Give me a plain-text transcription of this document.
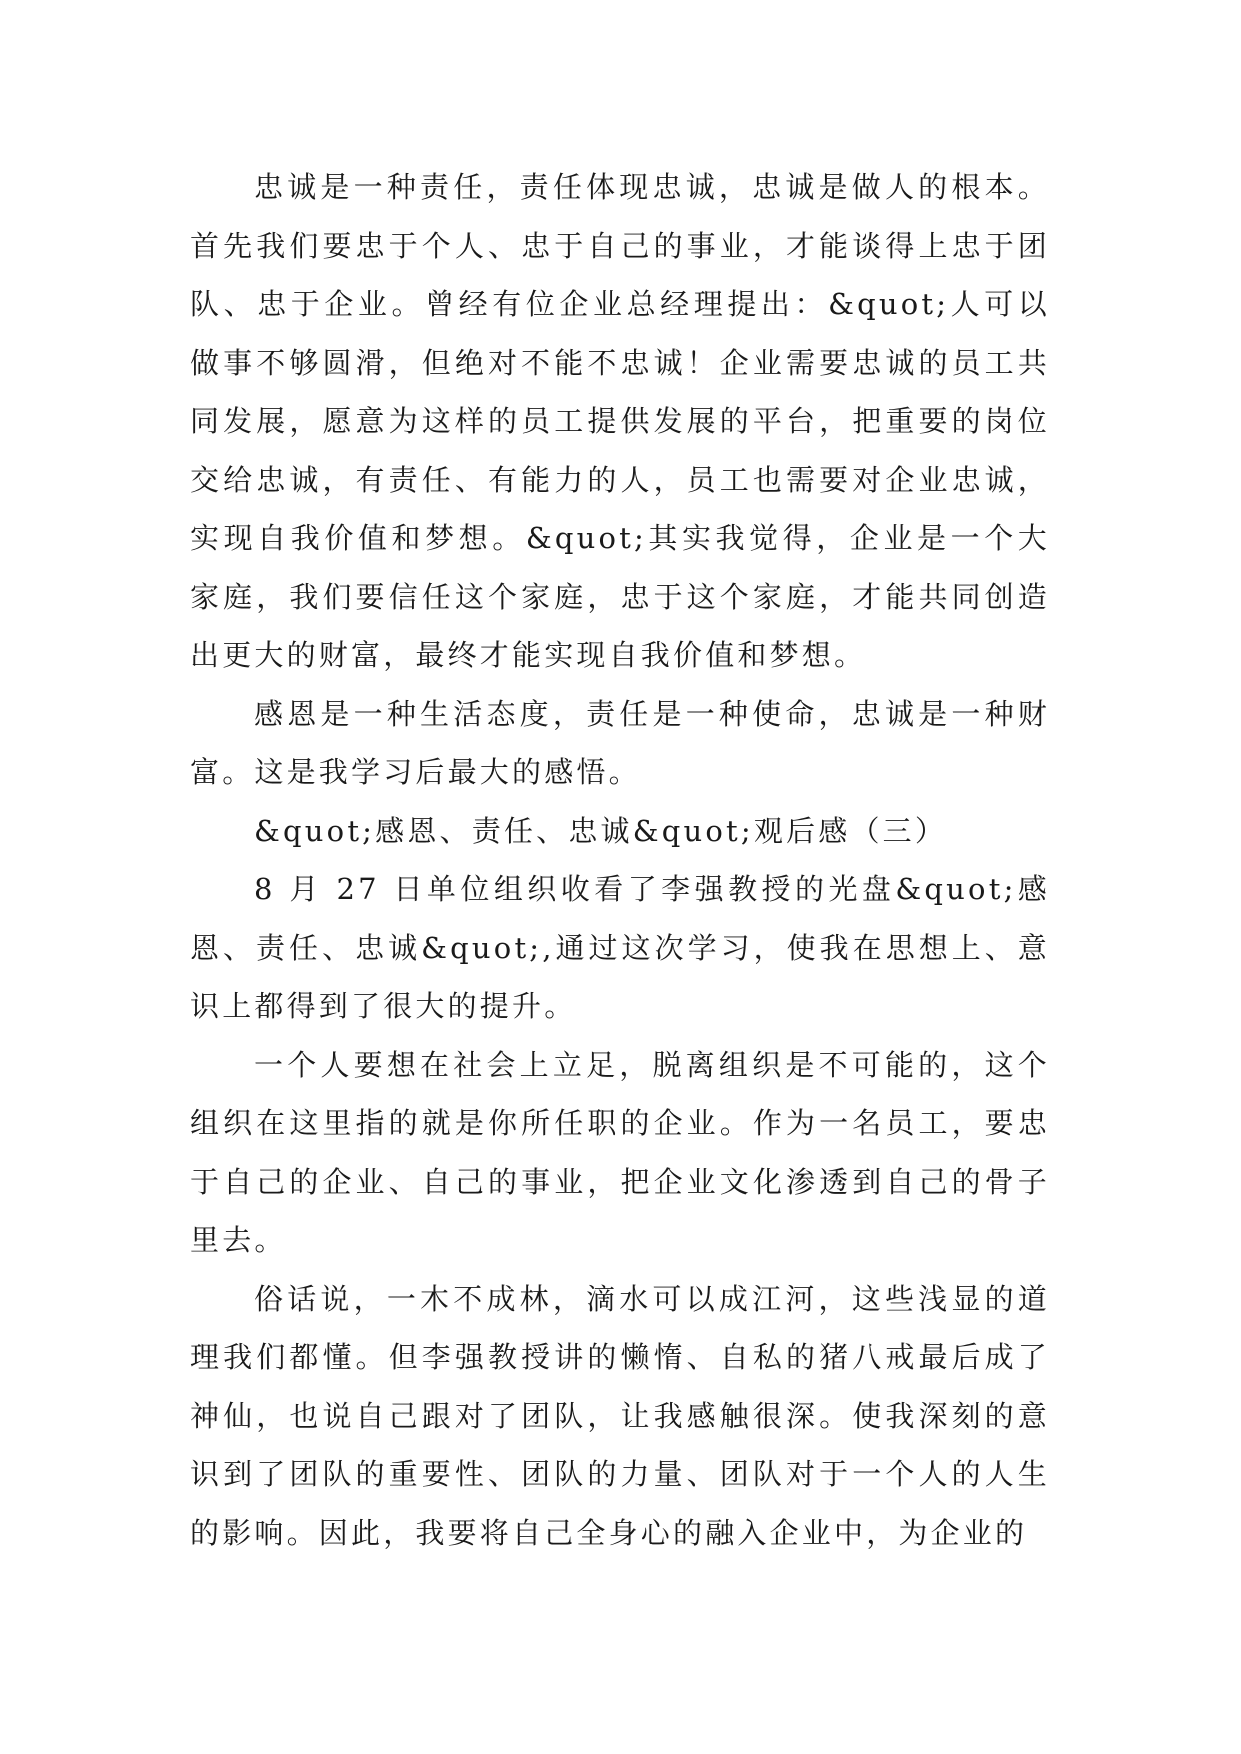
忠诚是一种责任，责任体现忠诚，忠诚是做人的根本。首先我们要忠于个人、忠于自己的事业，才能谈得上忠于团队、忠于企业。曾经有位企业总经理提出：&quot;人可以做事不够圆滑，但绝对不能不忠诚！企业需要忠诚的员工共同发展，愿意为这样的员工提供发展的平台，把重要的岗位交给忠诚，有责任、有能力的人，员工也需要对企业忠诚，实现自我价值和梦想。&quot;其实我觉得，企业是一个大家庭，我们要信任这个家庭，忠于这个家庭，才能共同创造出更大的财富，最终才能实现自我价值和梦想。

感恩是一种生活态度，责任是一种使命，忠诚是一种财富。这是我学习后最大的感悟。

&quot;感恩、责任、忠诚&quot;观后感（三）

8 月 27 日单位组织收看了李强教授的光盘&quot;感恩、责任、忠诚&quot;,通过这次学习，使我在思想上、意识上都得到了很大的提升。

一个人要想在社会上立足，脱离组织是不可能的，这个组织在这里指的就是你所任职的企业。作为一名员工，要忠于自己的企业、自己的事业，把企业文化渗透到自己的骨子里去。

俗话说，一木不成林，滴水可以成江河，这些浅显的道理我们都懂。但李强教授讲的懒惰、自私的猪八戒最后成了神仙，也说自己跟对了团队，让我感触很深。使我深刻的意识到了团队的重要性、团队的力量、团队对于一个人的人生的影响。因此，我要将自己全身心的融入企业中，为企业的
